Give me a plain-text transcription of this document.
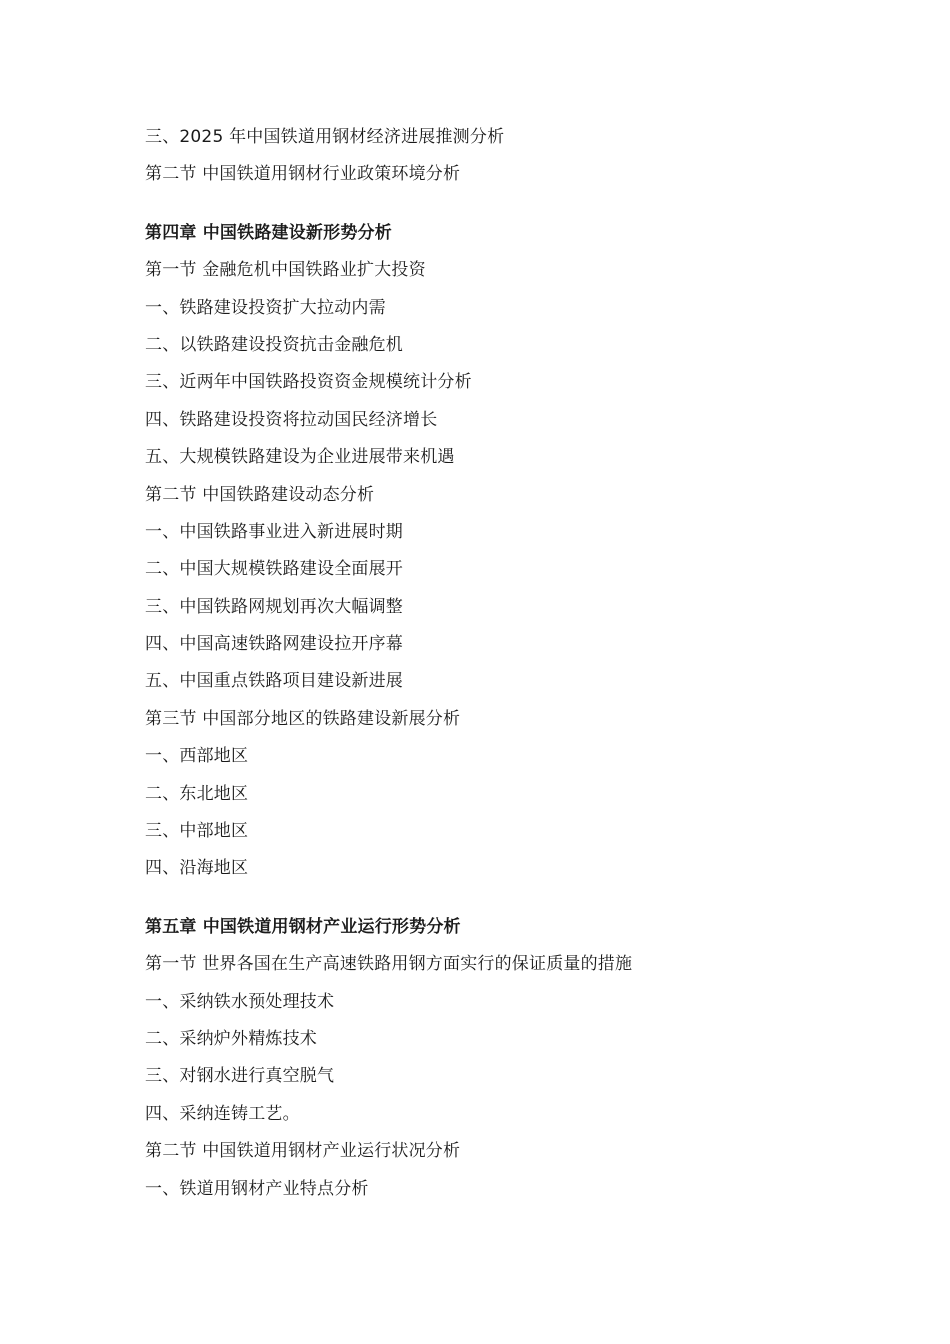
三、2025 年中国铁道用钢材经济进展推测分析
第二节 中国铁道用钢材行业政策环境分析
第四章 中国铁路建设新形势分析
第一节 金融危机中国铁路业扩大投资
一、铁路建设投资扩大拉动内需
二、以铁路建设投资抗击金融危机
三、近两年中国铁路投资资金规模统计分析
四、铁路建设投资将拉动国民经济增长
五、大规模铁路建设为企业进展带来机遇
第二节 中国铁路建设动态分析
一、中国铁路事业进入新进展时期
二、中国大规模铁路建设全面展开
三、中国铁路网规划再次大幅调整
四、中国高速铁路网建设拉开序幕
五、中国重点铁路项目建设新进展
第三节 中国部分地区的铁路建设新展分析
一、西部地区
二、东北地区
三、中部地区
四、沿海地区
第五章 中国铁道用钢材产业运行形势分析
第一节 世界各国在生产高速铁路用钢方面实行的保证质量的措施
一、采纳铁水预处理技术
二、采纳炉外精炼技术
三、对钢水进行真空脱气
四、采纳连铸工艺。
第二节 中国铁道用钢材产业运行状况分析
一、铁道用钢材产业特点分析
